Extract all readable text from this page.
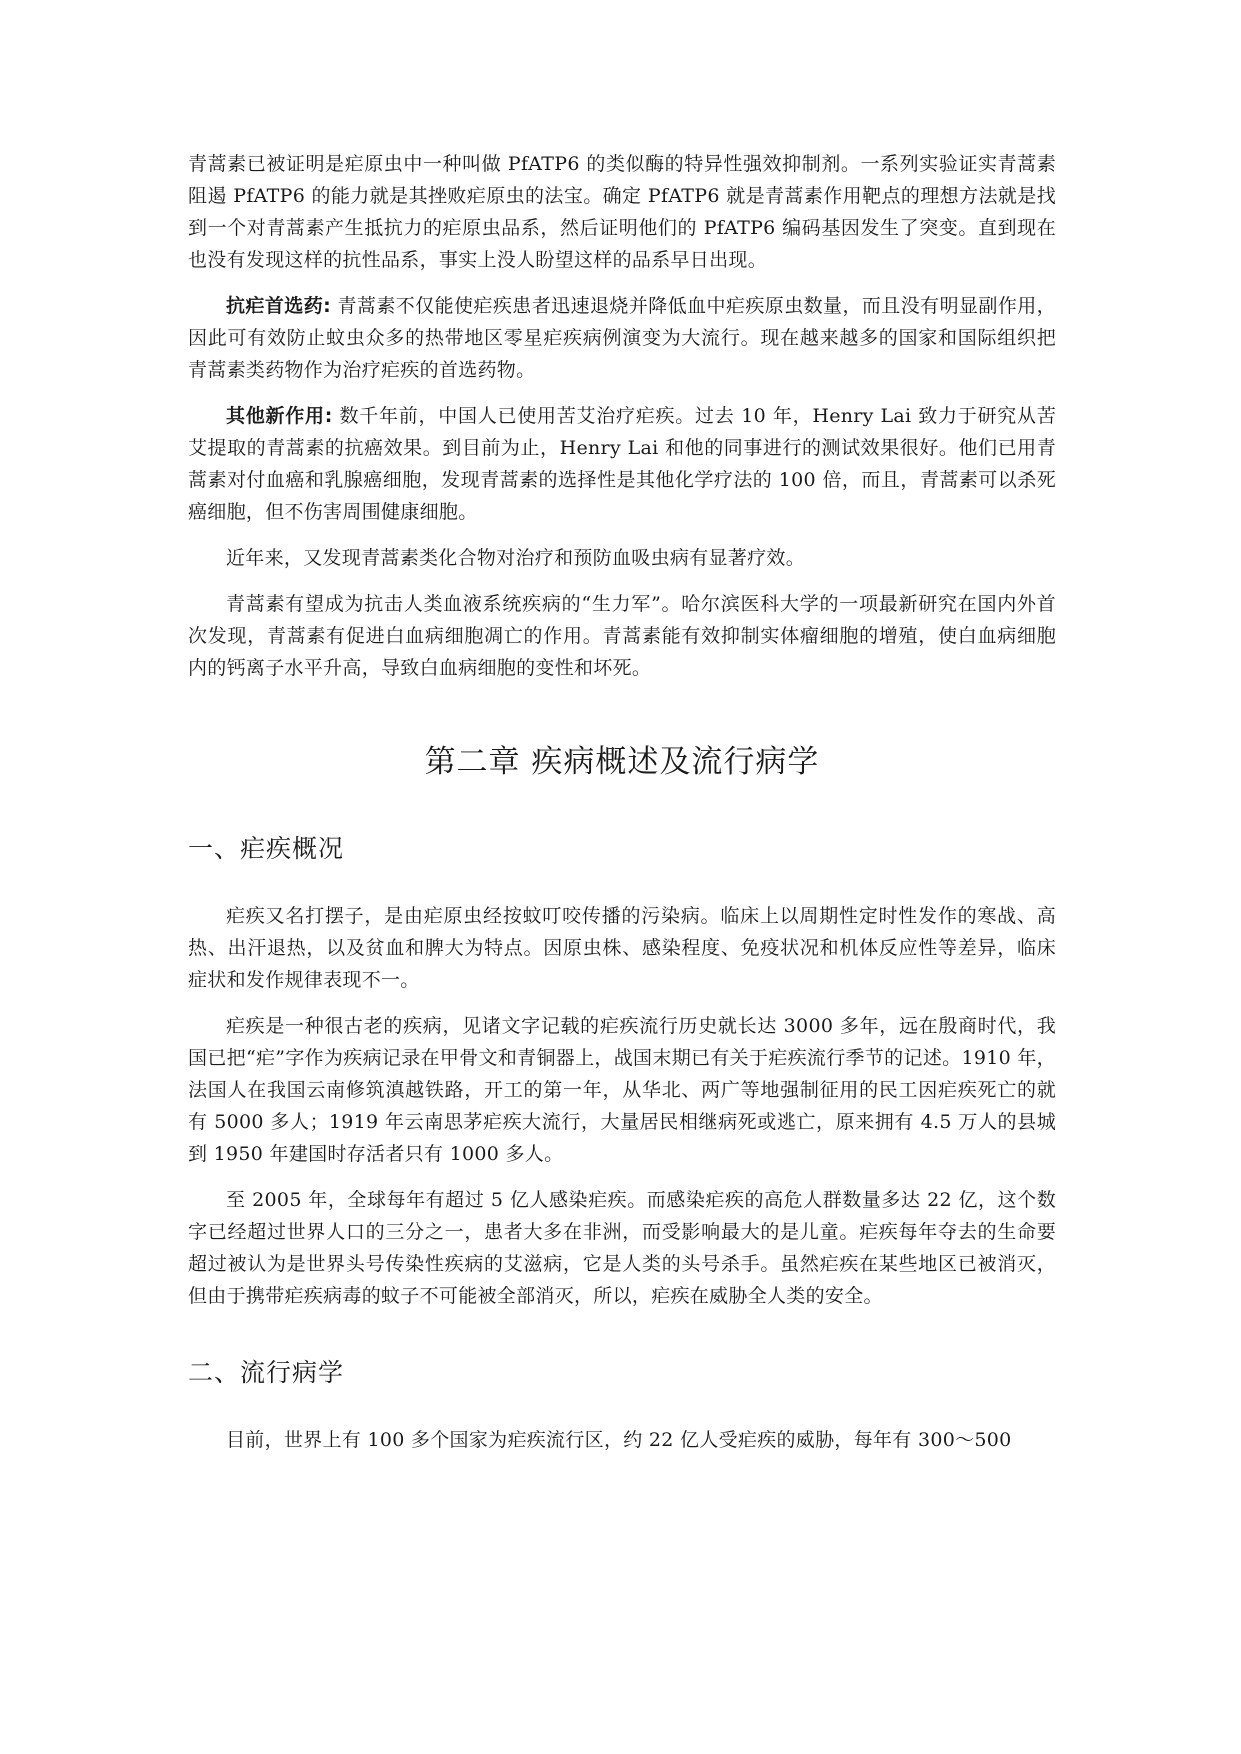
青蒿素已被证明是疟原虫中一种叫做 PfATP6 的类似酶的特异性强效抑制剂。一系列实验证实青蒿素阻遏 PfATP6 的能力就是其挫败疟原虫的法宝。确定 PfATP6 就是青蒿素作用靶点的理想方法就是找到一个对青蒿素产生抵抗力的疟原虫品系，然后证明他们的 PfATP6 编码基因发生了突变。直到现在也没有发现这样的抗性品系，事实上没人盼望这样的品系早日出现。

抗疟首选药: 青蒿素不仅能使疟疾患者迅速退烧并降低血中疟疾原虫数量，而且没有明显副作用，因此可有效防止蚊虫众多的热带地区零星疟疾病例演变为大流行。现在越来越多的国家和国际组织把青蒿素类药物作为治疗疟疾的首选药物。

其他新作用: 数千年前，中国人已使用苦艾治疗疟疾。过去 10 年，Henry Lai 致力于研究从苦艾提取的青蒿素的抗癌效果。到目前为止，Henry Lai 和他的同事进行的测试效果很好。他们已用青蒿素对付血癌和乳腺癌细胞，发现青蒿素的选择性是其他化学疗法的 100 倍，而且，青蒿素可以杀死癌细胞，但不伤害周围健康细胞。

近年来，又发现青蒿素类化合物对治疗和预防血吸虫病有显著疗效。

青蒿素有望成为抗击人类血液系统疾病的“生力军”。哈尔滨医科大学的一项最新研究在国内外首次发现，青蒿素有促进白血病细胞凋亡的作用。青蒿素能有效抑制实体瘤细胞的增殖，使白血病细胞内的钙离子水平升高，导致白血病细胞的变性和坏死。

第二章 疾病概述及流行病学
一、疟疾概况

疟疾又名打摆子，是由疟原虫经按蚊叮咬传播的污染病。临床上以周期性定时性发作的寒战、高热、出汗退热，以及贫血和脾大为特点。因原虫株、感染程度、免疫状况和机体反应性等差异，临床症状和发作规律表现不一。

疟疾是一种很古老的疾病，见诸文字记载的疟疾流行历史就长达 3000 多年，远在殷商时代，我国已把“疟”字作为疾病记录在甲骨文和青铜器上，战国末期已有关于疟疾流行季节的记述。1910 年，法国人在我国云南修筑滇越铁路，开工的第一年，从华北、两广等地强制征用的民工因疟疾死亡的就有 5000 多人；1919 年云南思茅疟疾大流行，大量居民相继病死或逃亡，原来拥有 4.5 万人的县城到 1950 年建国时存活者只有 1000 多人。

至 2005 年，全球每年有超过 5 亿人感染疟疾。而感染疟疾的高危人群数量多达 22 亿，这个数字已经超过世界人口的三分之一，患者大多在非洲，而受影响最大的是儿童。疟疾每年夺去的生命要超过被认为是世界头号传染性疾病的艾滋病，它是人类的头号杀手。虽然疟疾在某些地区已被消灭，但由于携带疟疾病毒的蚊子不可能被全部消灭，所以，疟疾在威胁全人类的安全。

二、流行病学

目前，世界上有 100 多个国家为疟疾流行区，约 22 亿人受疟疾的威胁，每年有 300～500
